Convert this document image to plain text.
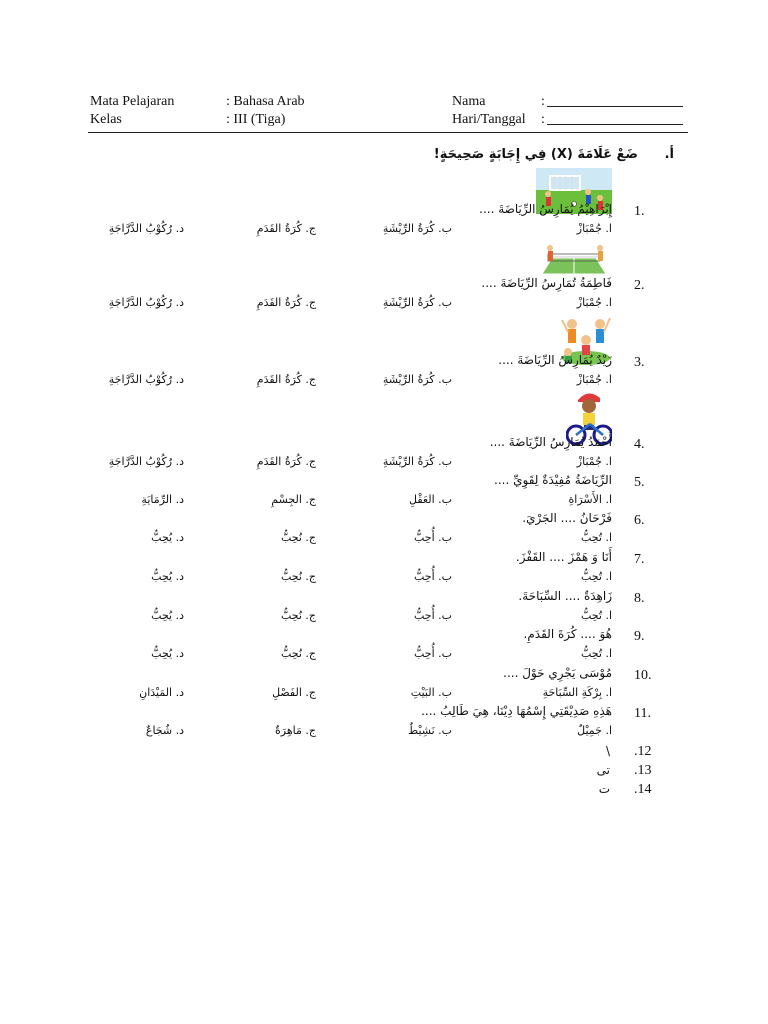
Mata Pelajaran	: Bahasa Arab
Kelas	: III (Tiga)
Nama	:
Hari/Tanggal :
أ.
ضَعْ عَلَامَةَ (X) فِي إِجَابَةٍ صَحِيحَةٍ!
1.
إِبْرَاهِيْمُ يُمَارِسُ الرِّيَاضَةَ ....
ا. جُمْبَازْ
ب. كُرَةُ الرِّيْشَةِ
ج. كُرَةُ القَدَمِ
د. رُكُوْبُ الدَّرَّاجَةِ
2.
فَاطِمَةُ تُمَارِسُ الرِّيَاضَةَ ....
ا. جُمْبَازْ
ب. كُرَةُ الرِّيْشَةِ
ج. كُرَةُ القَدَمِ
د. رُكُوْبُ الدَّرَّاجَةِ
3.
زَيْدٌ يُمَارِسُ الرِّيَاضَةَ ....
ا. جُمْبَازْ
ب. كُرَةُ الرِّيْشَةِ
ج. كُرَةُ القَدَمِ
د. رُكُوْبُ الدَّرَّاجَةِ
4.
أَحْمَدُ يُمَارِسُ الرِّيَاضَةَ ....
ا. جُمْبَازْ
ب. كُرَةُ الرِّيْشَةِ
ج. كُرَةُ القَدَمِ
د. رُكُوْبُ الدَّرَّاجَةِ
5.
الرِّيَاضَةُ مُفِيْدَةٌ لِقَوِيِّ ....
ا. الأَسْرَاةِ
ب. العَقْلِ
ج. الجِسْمِ
د. الرِّمَايَةِ
6.
فَرْحَانُ .... الجَرْيَ.
ا. تُحِبُّ
ب. أُحِبُّ
ج. نُحِبُّ
د. يُحِبُّ
7.
أَنَا وَ هَمْزَ .... القَفْزَ.
ا. تُحِبُّ
ب. أُحِبُّ
ج. نُحِبُّ
د. يُحِبُّ
8.
زَاهِدَةٌ .... السِّبَاحَةَ.
ا. تُحِبُّ
ب. أُحِبُّ
ج. نُحِبُّ
د. يُحِبُّ
9.
هُوَ .... كُرَةَ القَدَمِ.
ا. تُحِبُّ
ب. أُحِبُّ
ج. نُحِبُّ
د. يُحِبُّ
10.
مُوْسَى يَجْرِي حَوْلَ ....
ا. بِرْكَةِ السِّبَاحَةِ
ب. البَيْتِ
ج. الفَصْلِ
د. المَيْدَانِ
11.
هَذِهِ صَدِيْقَتِي إِسْمُهَا دِيْنَا، هِيَ طَالِبُ ....
ا. جَمِيْلٌ
ب. نَشِيْطٌ
ج. مَاهِرَةٌ
د. شُجَاعٌ
.12
\
.13
تى
.14
ت
